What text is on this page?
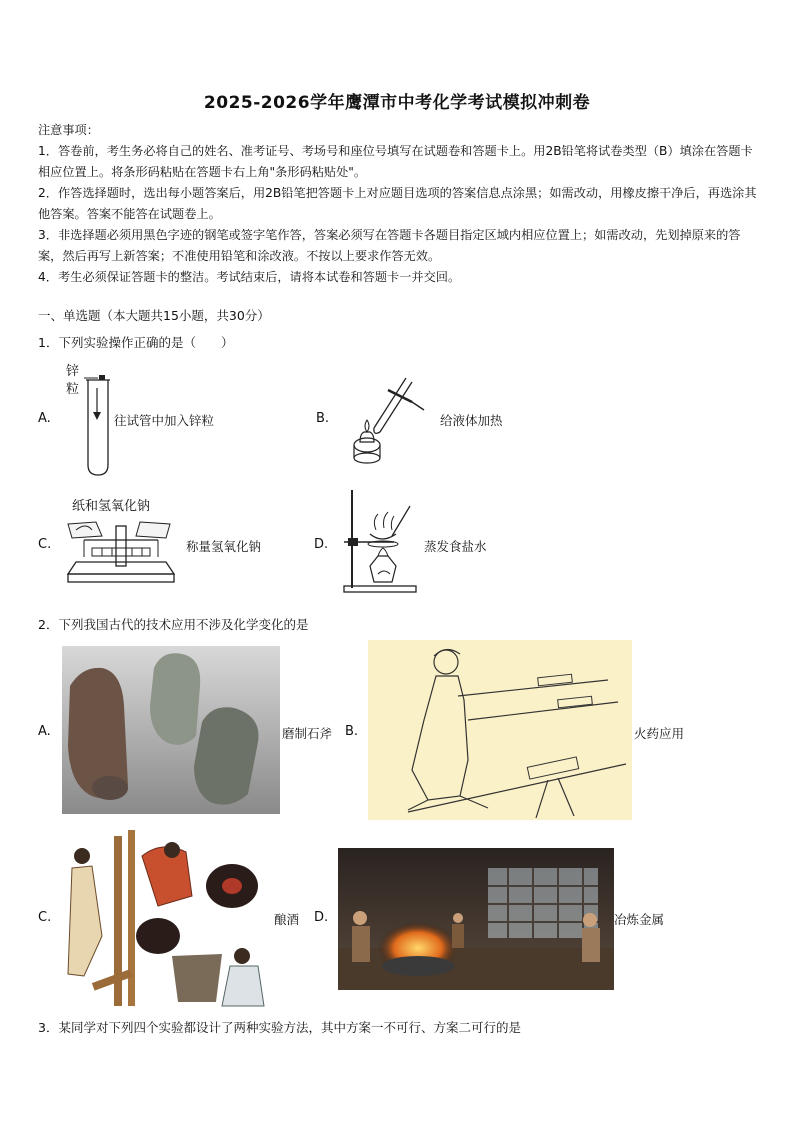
2025-2026学年鹰潭市中考化学考试模拟冲刺卷

注意事项：

1．答卷前，考生务必将自己的姓名、准考证号、考场号和座位号填写在试题卷和答题卡上。用2B铅笔将试卷类型（B）填涂在答题卡相应位置上。将条形码粘贴在答题卡右上角"条形码粘贴处"。

2．作答选择题时，选出每小题答案后，用2B铅笔把答题卡上对应题目选项的答案信息点涂黑；如需改动，用橡皮擦干净后，再选涂其他答案。答案不能答在试题卷上。

3．非选择题必须用黑色字迹的钢笔或签字笔作答，答案必须写在答题卡各题目指定区域内相应位置上；如需改动，先划掉原来的答案，然后再写上新答案；不准使用铅笔和涂改液。不按以上要求作答无效。

4．考生必须保证答题卡的整洁。考试结束后，请将本试卷和答题卡一并交回。

一、单选题（本大题共15小题，共30分）
1．下列实验操作正确的是（　　）
A.
锌
粒
往试管中加入锌粒	B.	给液体加热
C.
纸和氢氧化钠
称量氢氧化钠	D.	蒸发食盐水
2．下列我国古代的技术应用不涉及化学变化的是
A.	磨制石斧 B.	火药应用
C.	酿酒 D.	冶炼金属
3．某同学对下列四个实验都设计了两种实验方法，其中方案一不可行、方案二可行的是
